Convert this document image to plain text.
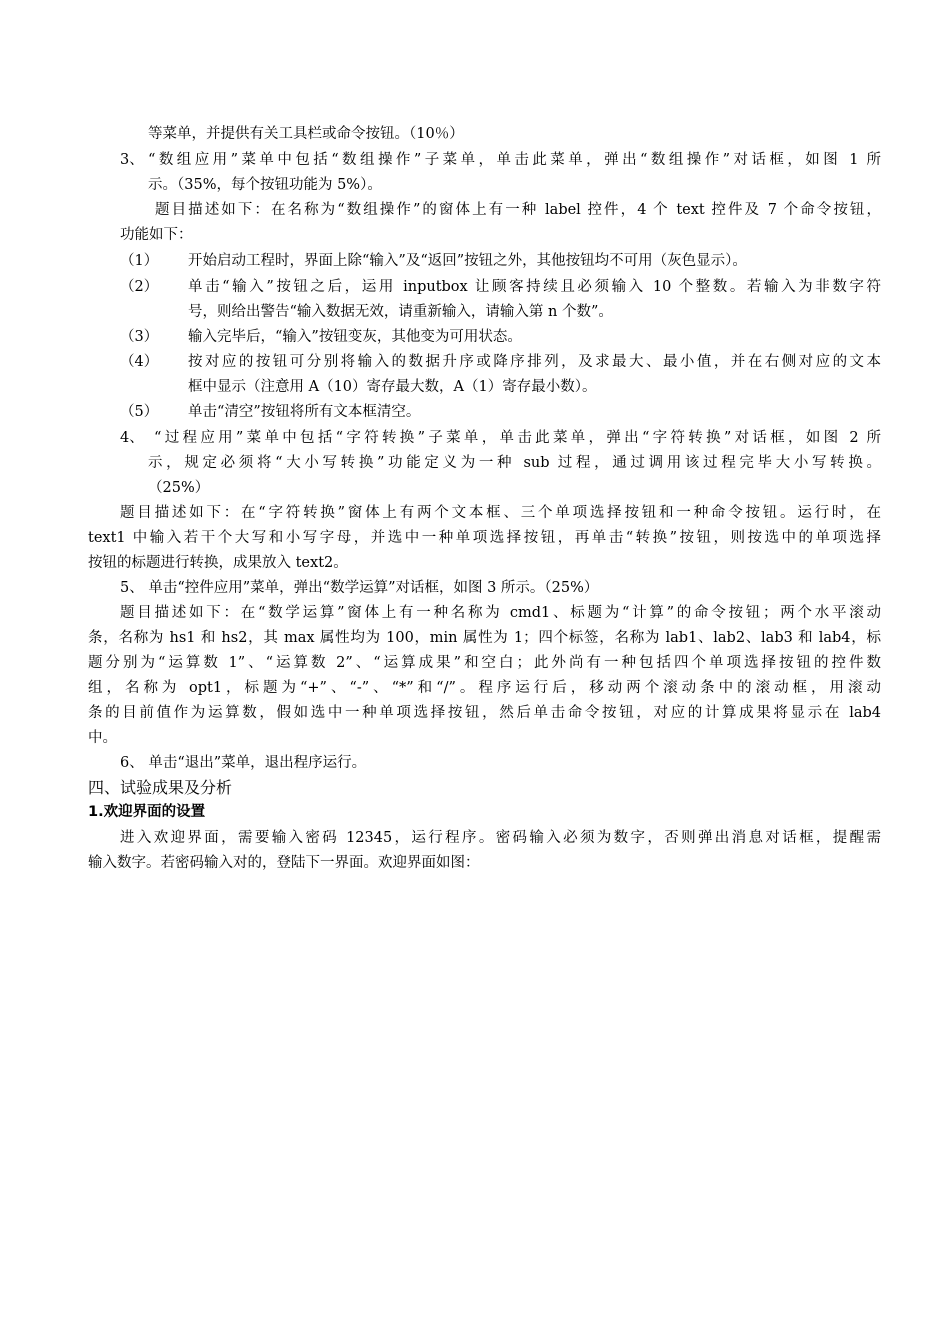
等菜单，并提供有关工具栏或命令按钮。（10％）
3、 “数组应用”菜单中包括“数组操作”子菜单，单击此菜单，弹出“数组操作”对话框，如图 1 所
示。（35%，每个按钮功能为 5%）。
题目描述如下：在名称为“数组操作”的窗体上有一种 label 控件，4 个 text 控件及 7 个命令按钮，
功能如下：
（1） 开始启动工程时，界面上除“输入”及“返回”按钮之外，其他按钮均不可用（灰色显示）。
（2） 单击“输入”按钮之后，运用 inputbox 让顾客持续且必须输入 10 个整数。若输入为非数字符
号，则给出警告“输入数据无效，请重新输入，请输入第 n 个数”。
（3） 输入完毕后，“输入”按钮变灰，其他变为可用状态。
（4） 按对应的按钮可分别将输入的数据升序或降序排列，及求最大、最小值，并在右侧对应的文本
框中显示（注意用 A（10）寄存最大数，A（1）寄存最小数）。
（5） 单击“清空”按钮将所有文本框清空。
4、 “过程应用”菜单中包括“字符转换”子菜单，单击此菜单，弹出“字符转换”对话框，如图 2 所
示，规定必须将“大小写转换”功能定义为一种 sub 过程，通过调用该过程完毕大小写转换。
（25%）
题目描述如下：在“字符转换”窗体上有两个文本框、三个单项选择按钮和一种命令按钮。运行时，在
text1 中输入若干个大写和小写字母，并选中一种单项选择按钮，再单击“转换”按钮，则按选中的单项选择
按钮的标题进行转换，成果放入 text2。
5、 单击“控件应用”菜单，弹出“数学运算”对话框，如图 3 所示。（25%）
题目描述如下：在“数学运算”窗体上有一种名称为 cmd1、标题为“计算”的命令按钮；两个水平滚动
条，名称为 hs1 和 hs2，其 max 属性均为 100，min 属性为 1；四个标签，名称为 lab1、lab2、lab3 和 lab4，标
题分别为“运算数 1”、“运算数 2”、“运算成果”和空白；此外尚有一种包括四个单项选择按钮的控件数
组，名称为 opt1，标题为“+”、“-”、“*”和“/”。程序运行后，移动两个滚动条中的滚动框，用滚动
条的目前值作为运算数，假如选中一种单项选择按钮，然后单击命令按钮，对应的计算成果将显示在 lab4
中。
6、 单击“退出”菜单，退出程序运行。
四、试验成果及分析
1.欢迎界面的设置
进入欢迎界面，需要输入密码 12345，运行程序。密码输入必须为数字，否则弹出消息对话框，提醒需
输入数字。若密码输入对的，登陆下一界面。欢迎界面如图：
